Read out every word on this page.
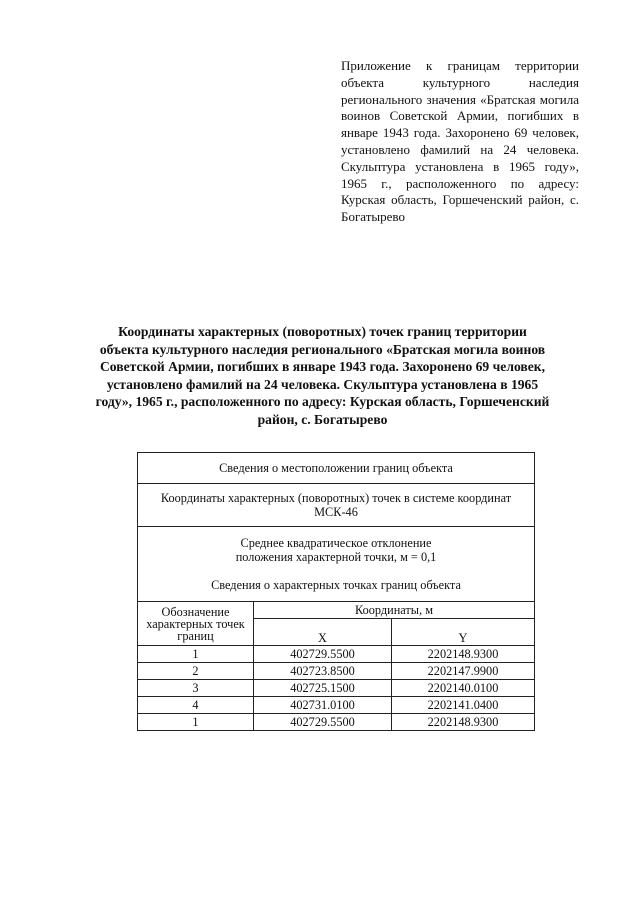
Приложение к границам территории объекта культурного наследия регионального значения «Братская могила воинов Советской Армии, погибших в январе 1943 года. Захоронено 69 человек, установлено фамилий на 24 человека. Скульптура установлена в 1965 году», 1965 г., расположенного по адресу: Курская область, Горшеченский район, с. Богатырево
Координаты характерных (поворотных) точек границ территории объекта культурного наследия регионального «Братская могила воинов Советской Армии, погибших в январе 1943 года. Захоронено 69 человек, установлено фамилий на 24 человека. Скульптура установлена в 1965 году», 1965 г., расположенного по адресу: Курская область, Горшеченский район, с. Богатырево
Сведения о местоположении границ объекта		
Координаты характерных (поворотных) точек в системе координат МСК-46		

Среднее квадратическое отклонение
положения характерной точки, м = 0,1
Сведения о характерных точках границ объекта		

Обозначение характерных точек границ	Координаты, м	
	X	Y
1	402729.5500	2202148.9300
2	402723.8500	2202147.9900
3	402725.1500	2202140.0100
4	402731.0100	2202141.0400
1	402729.5500	2202148.9300
